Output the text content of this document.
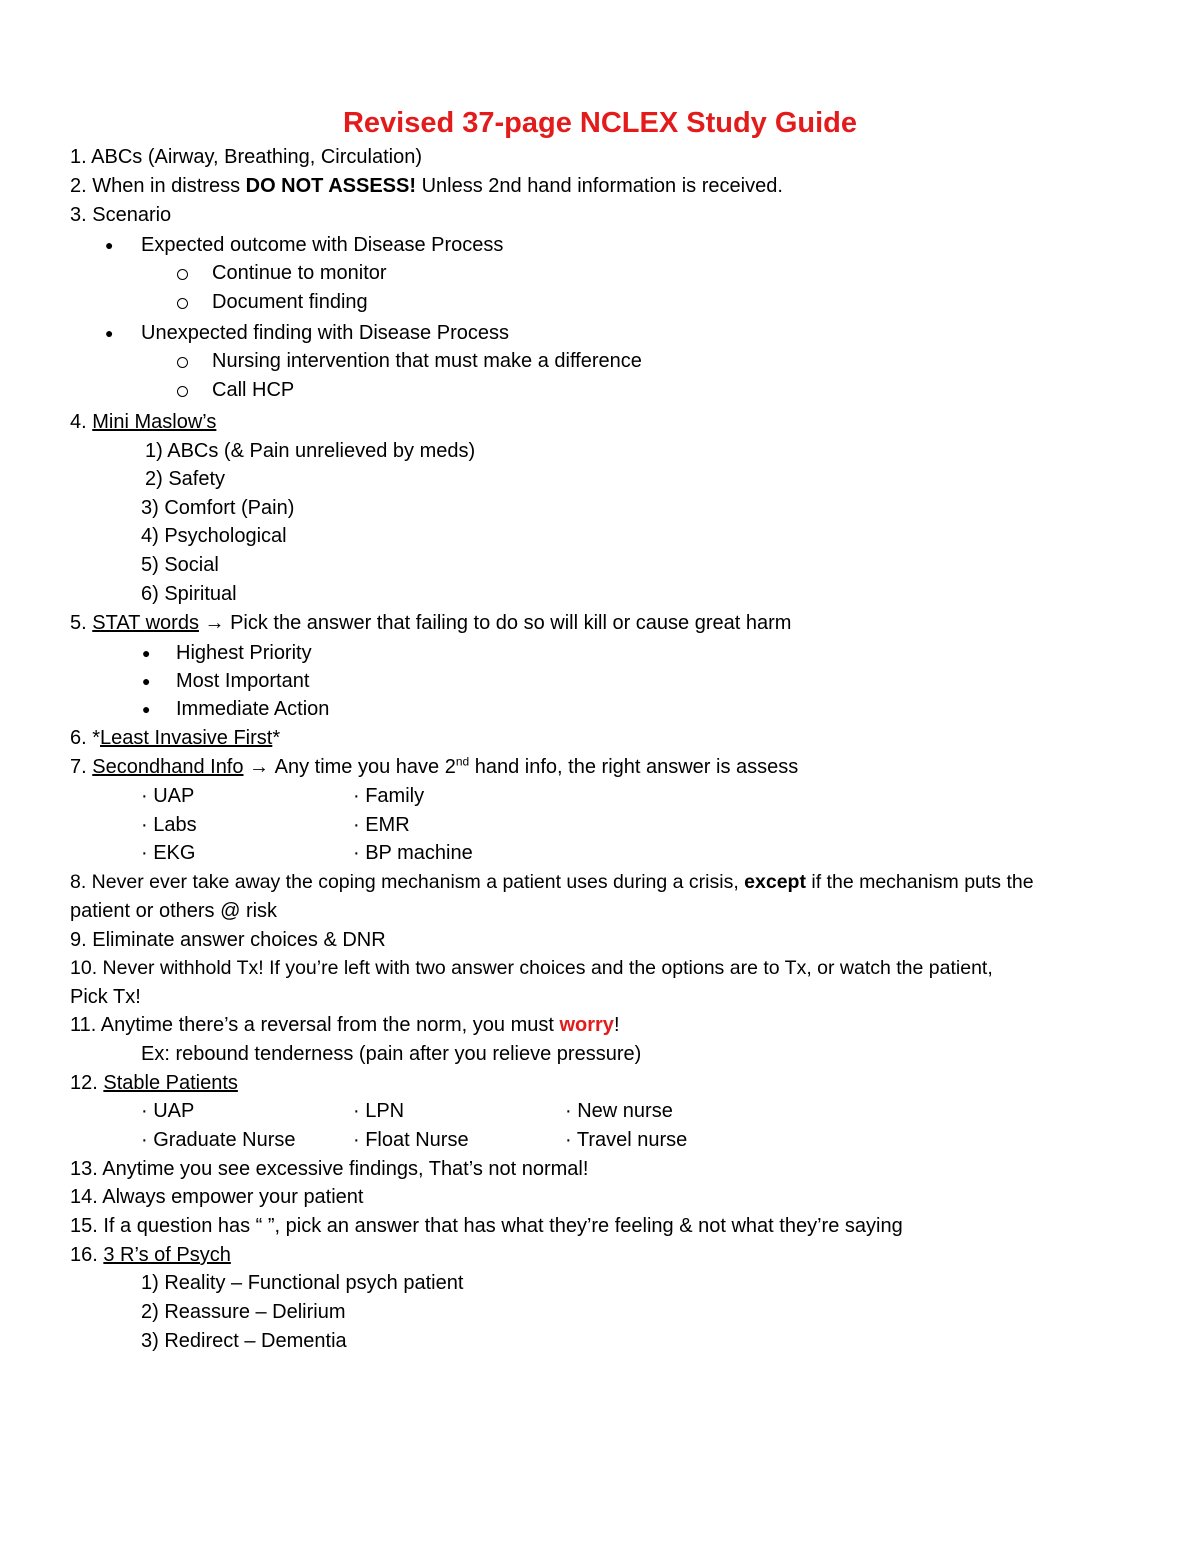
Revised 37-page NCLEX Study Guide
1. ABCs (Airway, Breathing, Circulation)
2. When in distress DO NOT ASSESS! Unless 2nd hand information is received.
3. Scenario
● Expected outcome with Disease Process
Continue to monitor
Document finding
● Unexpected finding with Disease Process
Nursing intervention that must make a difference
Call HCP
4. Mini Maslow’s
1) ABCs (& Pain unrelieved by meds)
2) Safety
3) Comfort (Pain)
4) Psychological
5) Social
6) Spiritual
5. STAT words → Pick the answer that failing to do so will kill or cause great harm
● Highest Priority
● Most Important
● Immediate Action
6. *Least Invasive First*
7. Secondhand Info → Any time you have 2nd hand info, the right answer is assess
· UAP
· Labs
· EKG
· Family
· EMR
· BP machine
8. Never ever take away the coping mechanism a patient uses during a crisis, except if the mechanism puts the
patient or others @ risk
9. Eliminate answer choices & DNR
10. Never withhold Tx! If you’re left with two answer choices and the options are to Tx, or watch the patient,
Pick Tx!
11. Anytime there’s a reversal from the norm, you must worry!
Ex: rebound tenderness (pain after you relieve pressure)
12. Stable Patients
· UAP
· Graduate Nurse
· LPN
· Float Nurse
· New nurse
· Travel nurse
13. Anytime you see excessive findings, That’s not normal!
14. Always empower your patient
15. If a question has “ ”, pick an answer that has what they’re feeling & not what they’re saying
16. 3 R’s of Psych
1) Reality – Functional psych patient
2) Reassure – Delirium
3) Redirect – Dementia
